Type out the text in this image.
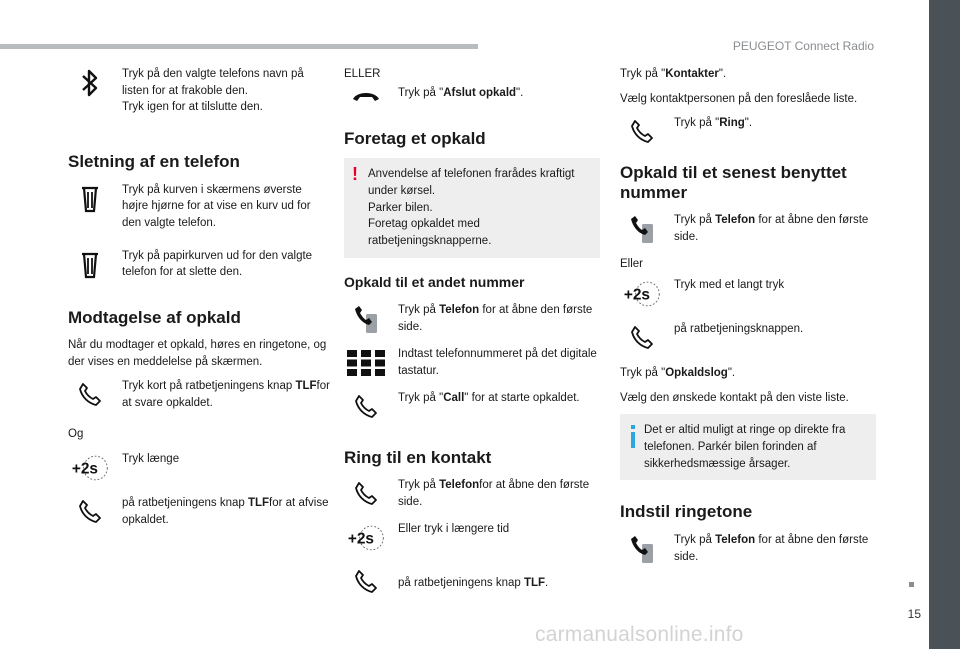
PEUGEOT Connect Radio
15
carmanualsonline.info
Tryk på den valgte telefons navn på listen for at frakoble den.
Tryk igen for at tilslutte den.
Sletning af en telefon
Tryk på kurven i skærmens øverste højre hjørne for at vise en kurv ud for den valgte telefon.
Tryk på papirkurven ud for den valgte telefon for at slette den.
Modtagelse af opkald

Når du modtager et opkald, høres en ringetone, og der vises en meddelelse på skærmen.

Tryk kort på ratbetjeningens knap TLFfor at svare opkaldet.

Og

+2s
Tryk længe
på ratbetjeningens knap TLFfor at afvise opkaldet.

ELLER

Tryk på "Afslut opkald".
Foretag et opkald
! Anvendelse af telefonen frarådes kraftigt under kørsel.
Parker bilen.
Foretag opkaldet med ratbetjeningsknapperne.
Opkald til et andet nummer
Tryk på Telefon for at åbne den første side.
Indtast telefonnummeret på det digitale tastatur.
Tryk på "Call" for at starte opkaldet.
Ring til en kontakt
Tryk på Telefonfor at åbne den første side.
+2s
Eller tryk i længere tid
på ratbetjeningens knap TLF.

Tryk på "Kontakter".

Vælg kontaktpersonen på den foreslåede liste.

Tryk på "Ring".
Opkald til et senest benyttet nummer
Tryk på Telefon for at åbne den første side.

Eller

+2s
Tryk med et langt tryk
på ratbetjeningsknappen.

Tryk på "Opkaldslog".

Vælg den ønskede kontakt på den viste liste.

Det er altid muligt at ringe op direkte fra telefonen. Parkér bilen forinden af sikkerhedsmæssige årsager.
Indstil ringetone
Tryk på Telefon for at åbne den første side.
